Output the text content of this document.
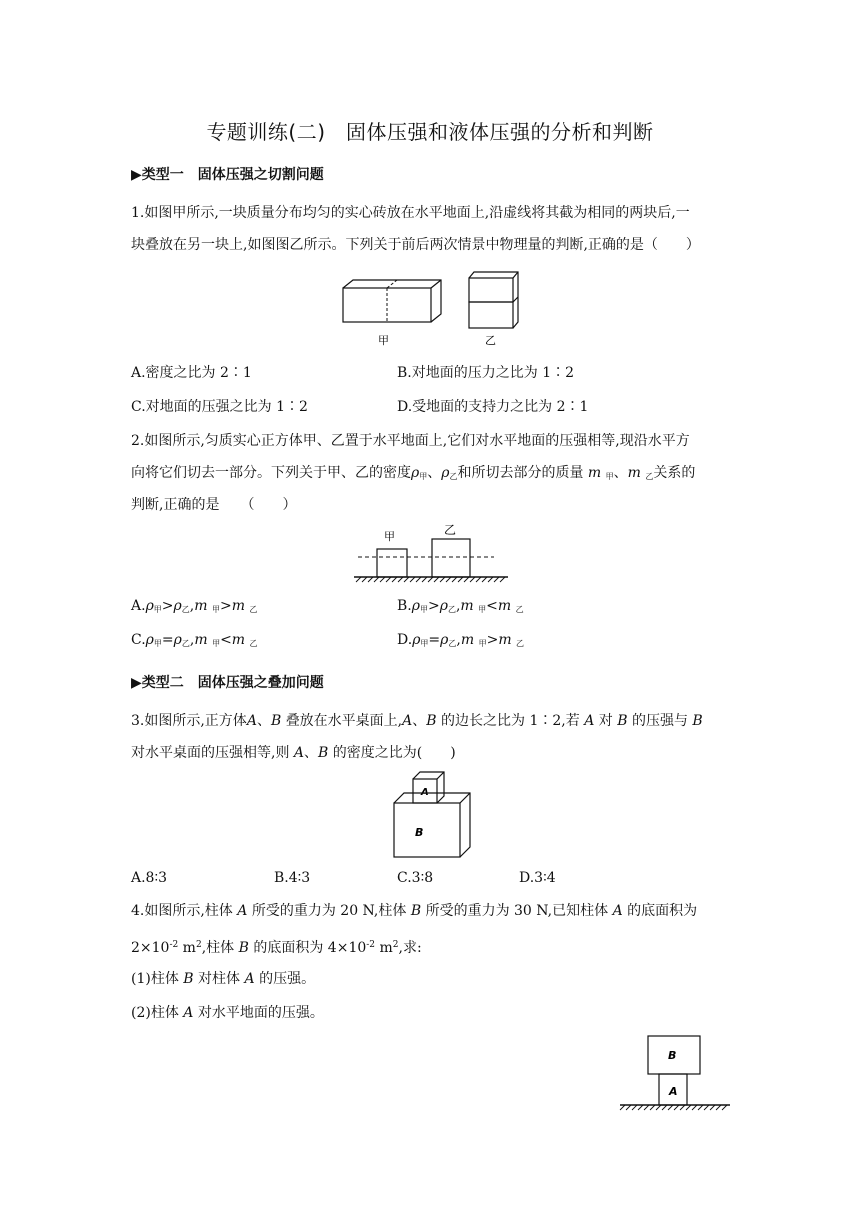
专题训练(二)　固体压强和液体压强的分析和判断
▶类型一　固体压强之切割问题
1.如图甲所示,一块质量分布均匀的实心砖放在水平地面上,沿虚线将其截为相同的两块后,一
块叠放在另一块上,如图图乙所示。下列关于前后两次情景中物理量的判断,正确的是（　　）
甲	乙
A.密度之比为 2∶1	B.对地面的压力之比为 1∶2
C.对地面的压强之比为 1∶2	D.受地面的支持力之比为 2∶1
2.如图所示,匀质实心正方体甲、乙置于水平地面上,它们对水平地面的压强相等,现沿水平方
向将它们切去一部分。下列关于甲、乙的密度$\rho_甲$、$\rho_乙$和所切去部分的质量 m $_甲$、m $_乙$关系的
判断,正确的是　　（　　）
甲	乙
$A.\rho_甲>\rho_乙,m$ $_甲$>m $_乙$	$B.\rho_甲>\rho_乙,m$ $_甲$<m $_乙$
$C.\rho_甲=\rho_乙,m$ $_甲$<m $_乙$	$D.\rho_甲=\rho_乙,m$ $_甲$>m $_乙$
▶类型二　固体压强之叠加问题
3.如图所示,正方体A、B 叠放在水平桌面上,A、B 的边长之比为 1∶2,若 A 对 B 的压强与 B
对水平桌面的压强相等,则 A、B 的密度之比为(　　)
A
B
A.8∶3	B.4∶3	C.3∶8	D.3∶4
4.如图所示,柱体 A 所受的重力为 20 N,柱体 B 所受的重力为 30 N,已知柱体 A 的底面积为
$2\times 10^{-2}$ $m^2$,柱体 B 的底面积为 $4\times 10^{-2}$ $m^2$,求:
(1)柱体 B 对柱体 A 的压强。
(2)柱体 A 对水平地面的压强。
B
A
